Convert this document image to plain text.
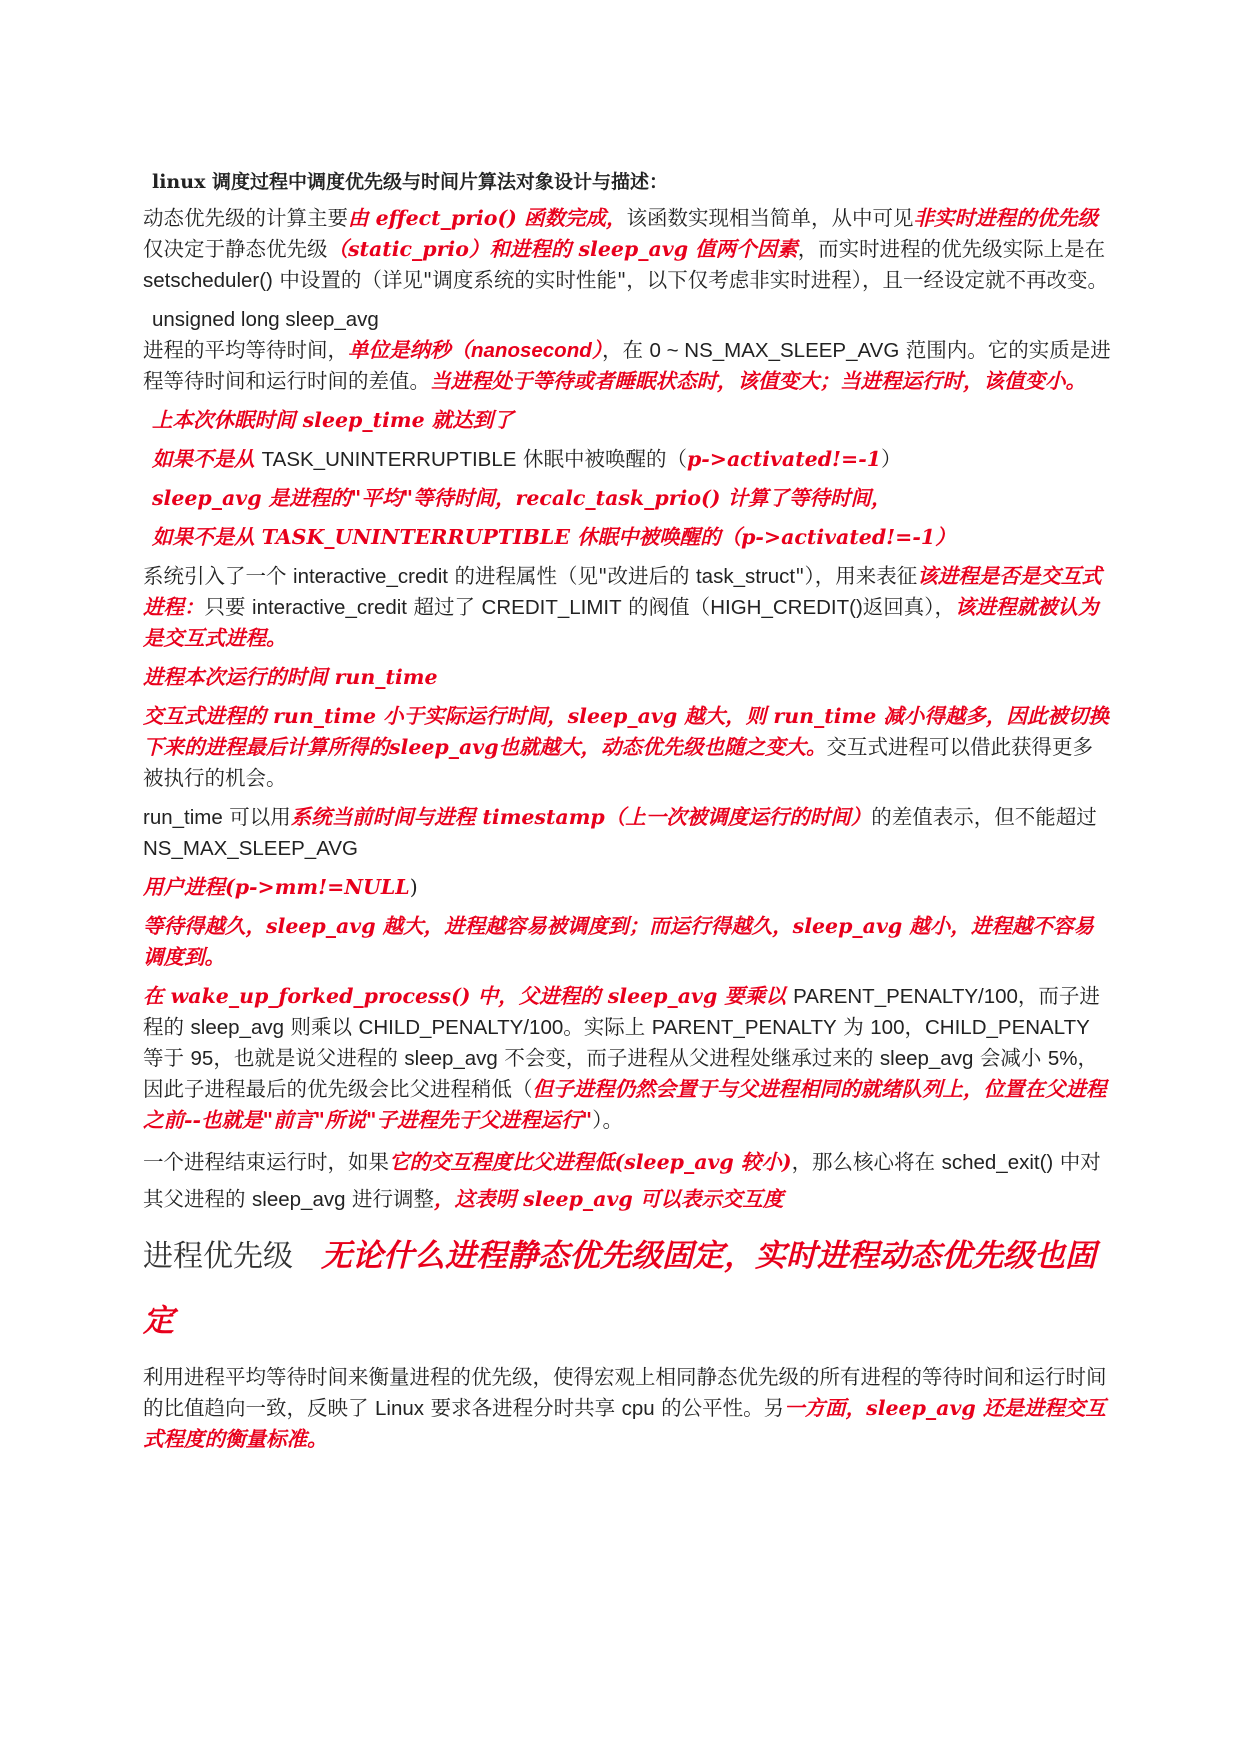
linux 调度过程中调度优先级与时间片算法对象设计与描述：

动态优先级的计算主要由 effect_prio() 函数完成，该函数实现相当简单，从中可见非实时进程的优先级仅决定于静态优先级（static_prio）和进程的 sleep_avg 值两个因素，而实时进程的优先级实际上是在 setscheduler() 中设置的（详见"调度系统的实时性能"，以下仅考虑非实时进程），且一经设定就不再改变。

unsigned long sleep_avg

进程的平均等待时间，单位是纳秒（nanosecond），在 0 ~ NS_MAX_SLEEP_AVG 范围内。它的实质是进程等待时间和运行时间的差值。当进程处于等待或者睡眠状态时，该值变大；当进程运行时，该值变小。

上本次休眠时间 sleep_time 就达到了

如果不是从 TASK_UNINTERRUPTIBLE 休眠中被唤醒的（p->activated!=-1）

sleep_avg 是进程的"平均"等待时间，recalc_task_prio() 计算了等待时间，

如果不是从 TASK_UNINTERRUPTIBLE 休眠中被唤醒的（p->activated!=-1）

系统引入了一个 interactive_credit 的进程属性（见"改进后的 task_struct"），用来表征该进程是否是交互式进程：只要 interactive_credit 超过了 CREDIT_LIMIT 的阀值（HIGH_CREDIT()返回真），该进程就被认为是交互式进程。

进程本次运行的时间 run_time

交互式进程的 run_time 小于实际运行时间，sleep_avg 越大，则 run_time 减小得越多，因此被切换下来的进程最后计算所得的sleep_avg也就越大，动态优先级也随之变大。交互式进程可以借此获得更多被执行的机会。

run_time 可以用系统当前时间与进程 timestamp（上一次被调度运行的时间）的差值表示，但不能超过 NS_MAX_SLEEP_AVG

用户进程(p->mm!=NULL)

等待得越久，sleep_avg 越大，进程越容易被调度到；而运行得越久，sleep_avg 越小，进程越不容易调度到。

在 wake_up_forked_process() 中，父进程的 sleep_avg 要乘以 PARENT_PENALTY/100，而子进程的 sleep_avg 则乘以 CHILD_PENALTY/100。实际上 PARENT_PENALTY 为 100，CHILD_PENALTY 等于 95，也就是说父进程的 sleep_avg 不会变，而子进程从父进程处继承过来的 sleep_avg 会减小 5%，因此子进程最后的优先级会比父进程稍低（但子进程仍然会置于与父进程相同的就绪队列上，位置在父进程之前--也就是"前言"所说"子进程先于父进程运行"）。

一个进程结束运行时，如果它的交互程度比父进程低(sleep_avg 较小)，那么核心将在 sched_exit() 中对其父进程的 sleep_avg 进行调整，这表明 sleep_avg 可以表示交互度

进程优先级 无论什么进程静态优先级固定，实时进程动态优先级也固定

利用进程平均等待时间来衡量进程的优先级，使得宏观上相同静态优先级的所有进程的等待时间和运行时间的比值趋向一致，反映了 Linux 要求各进程分时共享 cpu 的公平性。另一方面，sleep_avg 还是进程交互式程度的衡量标准。
